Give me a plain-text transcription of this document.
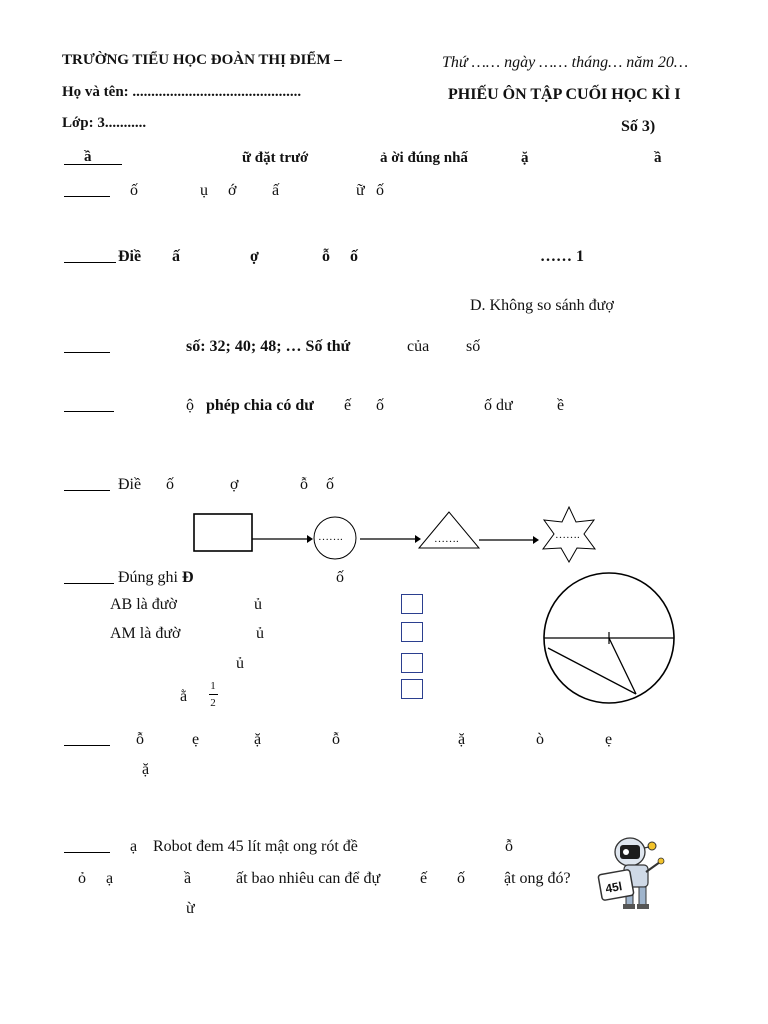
TRƯỜNG TIỂU HỌC ĐOÀN THỊ ĐIỂM –	Thứ …… ngày …… tháng… năm 20…
Họ và tên: .............................................	PHIẾU ÔN TẬP CUỐI HỌC KÌ I
Lớp: 3...........	Số 3)
ầ	ữ đặt trướ	ả ời đúng nhấ	ặ	ầ
ố	ụ ớ ấ	ữ ố
Điề ấ	ợ	ỗ ố	…… 1
D. Không so sánh đượ
số: 32; 40; 48; … Số thứ	của số
ộ phép chia có dư ế ố	ố dư	ề
Điề ố	ợ	ỗ ố
…….	…….	…….
Đúng ghi Đ	ố
AB là đườ	ủ
AM là đườ	ủ
ủ
ằ
1
2
ỗ	ẹ	ặ	ỗ	ặ	ò	ẹ
ặ
ạ Robot đem 45 lít mật ong rót đề	ỗ
ỏ ạ	ầ	ất bao nhiêu can để đự ế ố ật ong đó?
ừ
45l
